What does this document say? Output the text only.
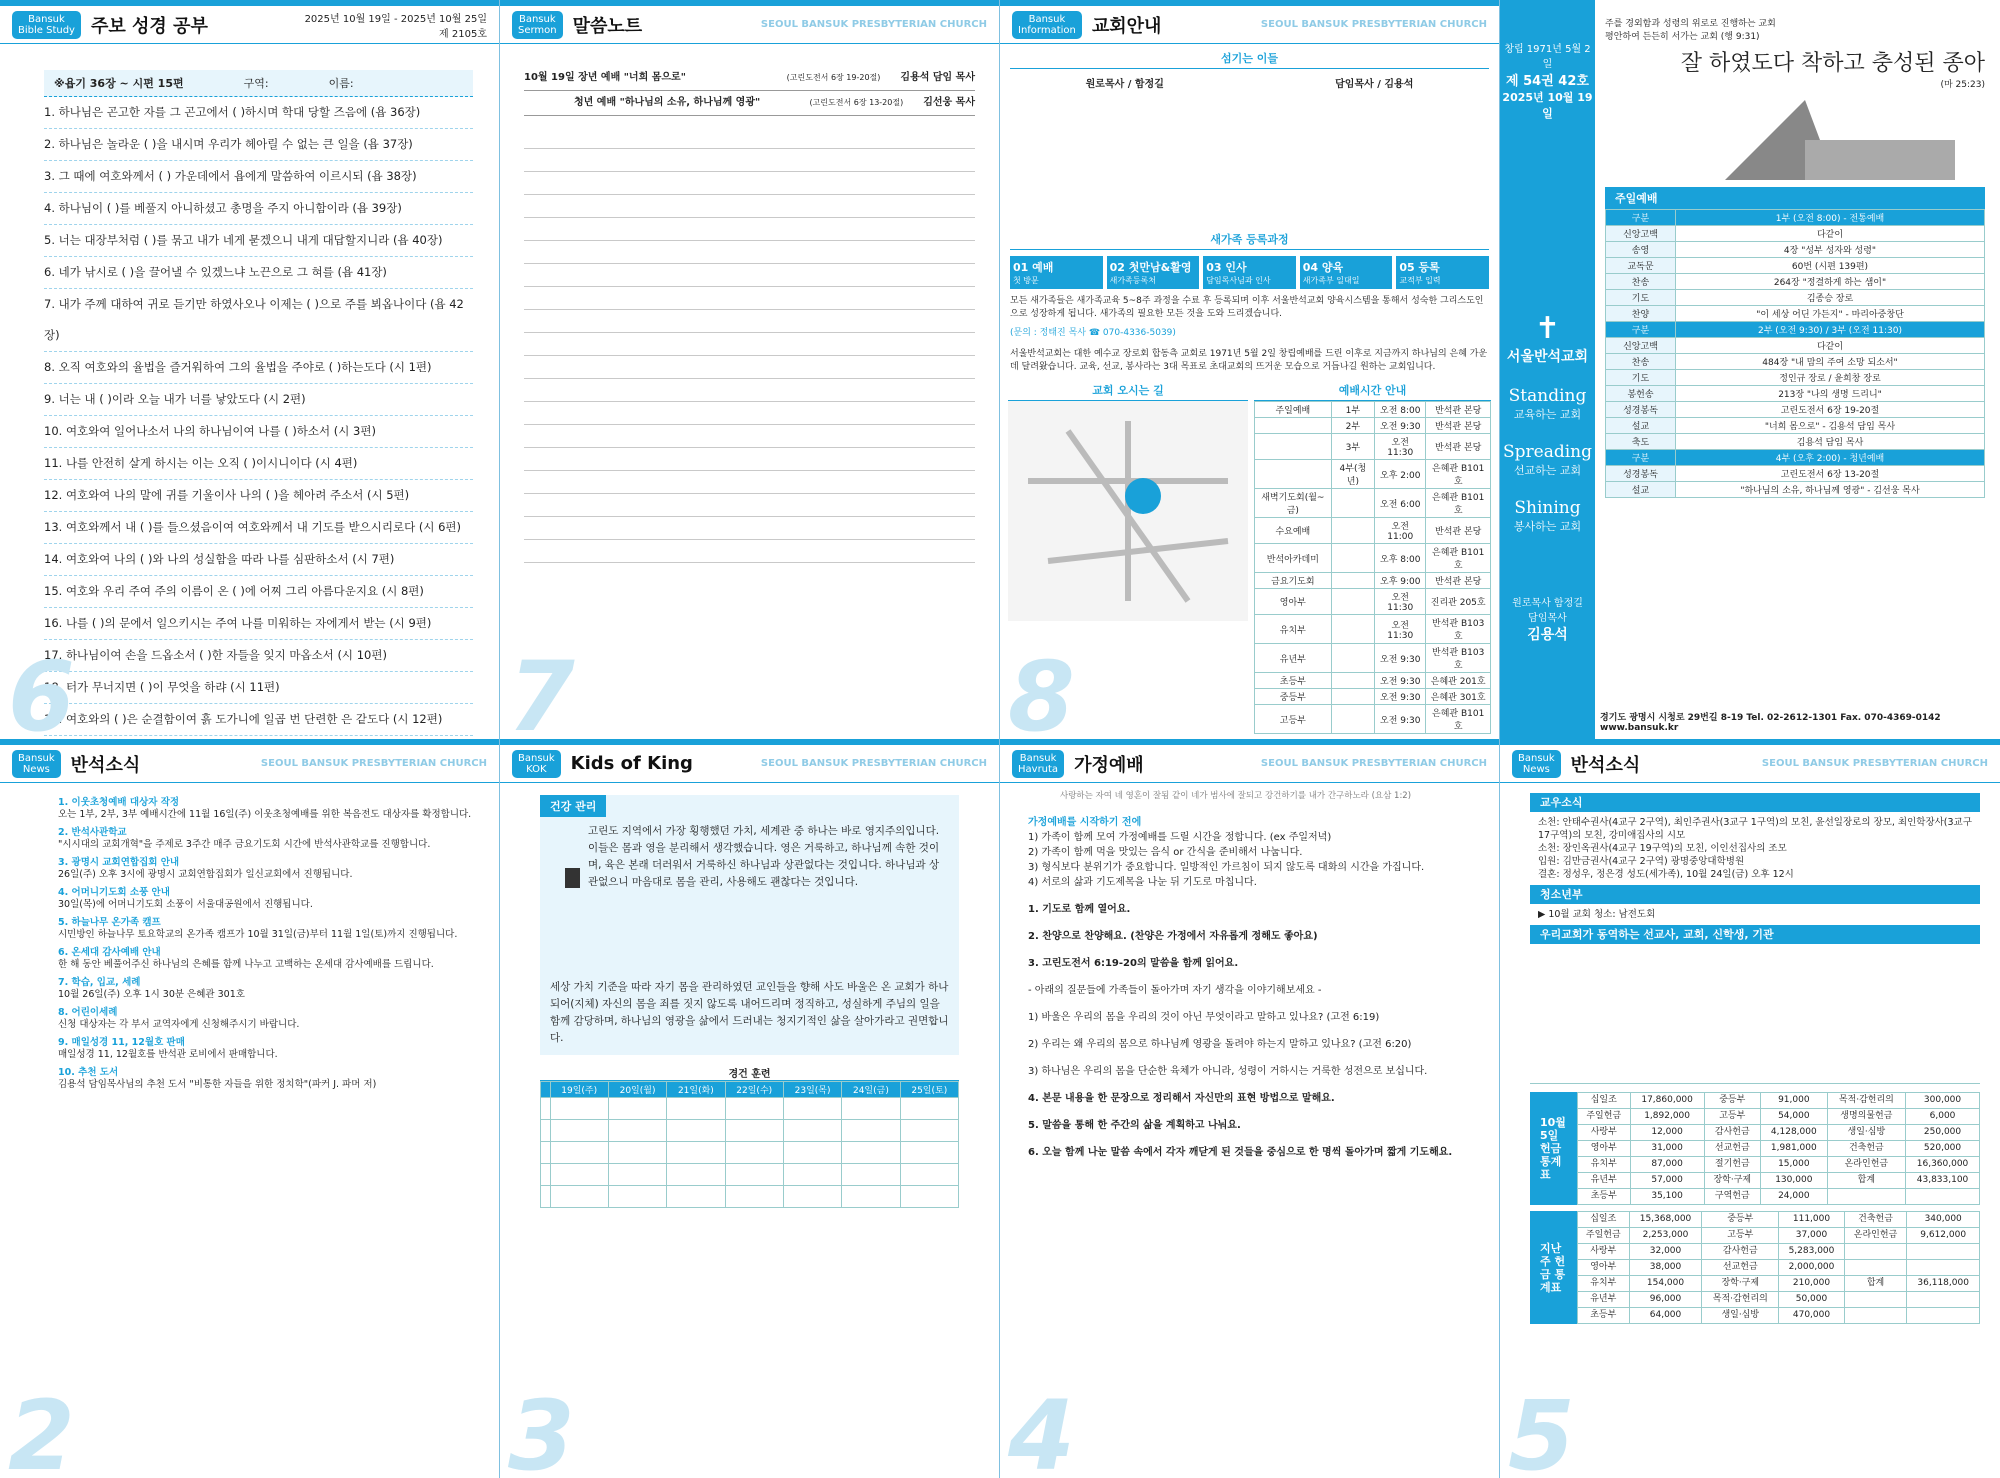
Bansuk
Bible Study 주보 성경 공부	2025년 10월 19일 - 2025년 10월 25일
제 2105호
※욥기 36장 ~ 시편 15편	구역:	이름:
1. 하나님은 곤고한 자를 그 곤고에서 ( )하시며 학대 당할 즈음에 (욥 36장)
2. 하나님은 놀라운 ( )을 내시며 우리가 헤아릴 수 없는 큰 일을 (욥 37장)
3. 그 때에 여호와께서 ( ) 가운데에서 욥에게 말씀하여 이르시되 (욥 38장)
4. 하나님이 ( )를 베풀지 아니하셨고 총명을 주지 아니함이라 (욥 39장)
5. 너는 대장부처럼 ( )를 묶고 내가 네게 묻겠으니 내게 대답할지니라 (욥 40장)
6. 네가 낚시로 ( )을 끌어낼 수 있겠느냐 노끈으로 그 혀를 (욥 41장)
7. 내가 주께 대하여 귀로 듣기만 하였사오나 이제는 ( )으로 주를 뵈옵나이다 (욥 42장)
8. 오직 여호와의 율법을 즐거워하여 그의 율법을 주야로 ( )하는도다 (시 1편)
9. 너는 내 ( )이라 오늘 내가 너를 낳았도다 (시 2편)
10. 여호와여 일어나소서 나의 하나님이여 나를 ( )하소서 (시 3편)
11. 나를 안전히 살게 하시는 이는 오직 ( )이시니이다 (시 4편)
12. 여호와여 나의 말에 귀를 기울이사 나의 ( )을 헤아려 주소서 (시 5편)
13. 여호와께서 내 ( )를 들으셨음이여 여호와께서 내 기도를 받으시리로다 (시 6편)
14. 여호와여 나의 ( )와 나의 성실함을 따라 나를 심판하소서 (시 7편)
15. 여호와 우리 주여 주의 이름이 온 ( )에 어찌 그리 아름다운지요 (시 8편)
16. 나를 ( )의 문에서 일으키시는 주여 나를 미워하는 자에게서 받는 (시 9편)
17. 하나님이여 손을 드옵소서 ( )한 자들을 잊지 마옵소서 (시 10편)
18. 터가 무너지면 ( )이 무엇을 하랴 (시 11편)
19. 여호와의 ( )은 순결함이여 흙 도가니에 일곱 번 단련한 은 같도다 (시 12편)
6
Bansuk
Sermon 말씀노트	SEOUL BANSUK PRESBYTERIAN CHURCH
10월 19일 장년 예배 "너희 몸으로"	(고린도전서 6장 19-20절) 김용석 담임 목사
청년 예배 "하나님의 소유, 하나님께 영광"	(고린도전서 6장 13-20절) 김선웅 목사
7
Bansuk
Information 교회안내	SEOUL BANSUK PRESBYTERIAN CHURCH
섬기는 이들
원로목사 / 함정길	담임목사 / 김용석
새가족 등록과정
01 예배
첫 방문
02 첫만남&활영
새가족등록처
03 인사
담임목사님과 인사
04 양육
새가족부 일대일
05 등록
교적부 입력
모든 새가족들은 새가족교육 5~8주 과정을 수료 후 등록되며 이후 서울반석교회 양육시스템을 통해서 성숙한 그리스도인으로 성장하게 됩니다. 새가족의 필요한 모든 것을 도와 드리겠습니다.
(문의 : 정태진 목사 ☎ 070-4336-5039)
서울반석교회는 대한 예수교 장로회 합동측 교회로 1971년 5월 2일 창립예배를 드린 이후로 지금까지 하나님의 은혜 가운데 달려왔습니다. 교육, 선교, 봉사라는 3대 목표로 초대교회의 뜨거운 모습으로 거듭나길 원하는 교회입니다.
교회 오시는 길	예배시간 안내
주일예배	1부	오전 8:00	반석관 본당
	2부	오전 9:30	반석관 본당
	3부	오전 11:30	반석관 본당
	4부(청년)	오후 2:00	은혜관 B101호
새벽기도회(월~금)		오전 6:00	은혜관 B101호
수요예배		오전 11:00	반석관 본당
반석아카데미		오후 8:00	은혜관 B101호
금요기도회		오후 9:00	반석관 본당
영아부		오전 11:30	진리관 205호
유치부		오전 11:30	반석관 B103호
유년부		오전 9:30	반석관 B103호
초등부		오전 9:30	은혜관 201호
중등부		오전 9:30	은혜관 301호
고등부		오전 9:30	은혜관 B101호
8
창립 1971년 5월 2일
제 54권 42호
2025년 10월 19일
✝
서울반석교회
Standing
교육하는 교회
Spreading
선교하는 교회
Shining
봉사하는 교회
원로목사 함정길
담임목사
김용석
주를 경외함과 성령의 위로로 진행하는 교회
평안하여 든든히 서가는 교회 (행 9:31)
잘 하였도다 착하고 충성된 종아
(마 25:23)
주일예배
구분	1부 (오전 8:00) - 전통예배
신앙고백	다같이
송영	4장 "성부 성자와 성령"
교독문	60번 (시편 139편)
찬송	264장 "정결하게 하는 샘이"
기도	김종승 장로
찬양	"이 세상 어딘 가든지" - 마리아중창단
구분	2부 (오전 9:30) / 3부 (오전 11:30)
신앙고백	다같이
찬송	484장 "내 맘의 주여 소망 되소서"
기도	정인규 장로 / 윤희창 장로
봉헌송	213장 "나의 생명 드리니"
성경봉독	고린도전서 6장 19-20절
설교	"너희 몸으로" - 김용석 담임 목사
축도	김용석 담임 목사
구분	4부 (오후 2:00) - 청년예배
성경봉독	고린도전서 6장 13-20절
설교	"하나님의 소유, 하나님께 영광" - 김선웅 목사
경기도 광명시 시청로 29번길 8-19 Tel. 02-2612-1301 Fax. 070-4369-0142 www.bansuk.kr
Bansuk
News	반석소식	SEOUL BANSUK PRESBYTERIAN CHURCH
1. 이웃초청예배 대상자 작정
오는 1부, 2부, 3부 예배시간에 11월 16일(주) 이웃초청예배를 위한 복음전도 대상자를 확정합니다.
2. 반석사관학교
"시시대의 교회개혁"을 주제로 3주간 매주 금요기도회 시간에 반석사관학교를 진행합니다.
3. 광명시 교회연합집회 안내
26일(주) 오후 3시에 광명시 교회연합집회가 일신교회에서 진행됩니다.
4. 어머니기도회 소풍 안내
30일(목)에 어머니기도회 소풍이 서울대공원에서 진행됩니다.
5. 하늘나무 온가족 캠프
시민방인 하늘나무 토요학교의 온가족 캠프가 10월 31일(금)부터 11월 1일(토)까지 진행됩니다.
6. 온세대 감사예배 안내
한 해 동안 베풀어주신 하나님의 은혜를 함께 나누고 고백하는 온세대 감사예배를 드립니다.
7. 학습, 입교, 세례
10월 26일(주) 오후 1시 30분 은혜관 301호
8. 어린이세례
신청 대상자는 각 부서 교역자에게 신청해주시기 바랍니다.
9. 매일성경 11, 12월호 판매
매일성경 11, 12월호를 반석관 로비에서 판매합니다.
10. 추천 도서
김용석 담임목사님의 추천 도서 "비통한 자들을 위한 정치학"(파커 J. 파머 저)
2
Bansuk
KOK	Kids of King	SEOUL BANSUK PRESBYTERIAN CHURCH
건강 관리
고린도 지역에서 가장 횡행했던 가치, 세계관 중 하나는 바로 영지주의입니다. 이들은 몸과 영을 분리해서 생각했습니다. 영은 거룩하고, 하나님께 속한 것이며, 육은 본래 더러워서 거룩하신 하나님과 상관없다는 것입니다. 하나님과 상관없으니 마음대로 몸을 관리, 사용해도 괜찮다는 것입니다.
세상 가치 기준을 따라 자기 몸을 관리하였던 교인들을 향해 사도 바울은 온 교회가 하나되어(지체) 자신의 몸을 죄를 짓지 않도록 내어드리며 정직하고, 성실하게 주님의 일을 함께 감당하며, 하나님의 영광을 삶에서 드러내는 청지기적인 삶을 살아가라고 권면합니다.
경건 훈련
	19일(주)	20일(월)	21일(화)	22일(수)	23일(목)	24일(금)	25일(토)

3
Bansuk
Havruta 가정예배	SEOUL BANSUK PRESBYTERIAN CHURCH
사랑하는 자여 네 영혼이 잘됨 같이 네가 범사에 잘되고 강건하기를 내가 간구하노라 (요삼 1:2)
가정예배를 시작하기 전에
1) 가족이 함께 모여 가정예배를 드릴 시간을 정합니다. (ex 주일저녁)
2) 가족이 함께 먹을 맛있는 음식 or 간식을 준비해서 나눕니다.
3) 형식보다 분위기가 중요합니다. 일방적인 가르침이 되지 않도록 대화의 시간을 가집니다.
4) 서로의 삶과 기도제목을 나눈 뒤 기도로 마칩니다.
1. 기도로 함께 열어요.
2. 찬양으로 찬양해요. (찬양은 가정에서 자유롭게 정해도 좋아요)
3. 고린도전서 6:19-20의 말씀을 함께 읽어요.
- 아래의 질문들에 가족들이 돌아가며 자기 생각을 이야기해보세요 -
1) 바울은 우리의 몸을 우리의 것이 아닌 무엇이라고 말하고 있나요? (고전 6:19)
2) 우리는 왜 우리의 몸으로 하나님께 영광을 돌려야 하는지 말하고 있나요? (고전 6:20)
3) 하나님은 우리의 몸을 단순한 육체가 아니라, 성령이 거하시는 거룩한 성전으로 보십니다.
4. 본문 내용을 한 문장으로 정리해서 자신만의 표현 방법으로 말해요.
5. 말씀을 통해 한 주간의 삶을 계획하고 나눠요.
6. 오늘 함께 나눈 말씀 속에서 각자 깨닫게 된 것들을 중심으로 한 명씩 돌아가며 짧게 기도해요.
4
Bansuk
News	반석소식	SEOUL BANSUK PRESBYTERIAN CHURCH
교우소식
소천: 안태수권사(4교구 2구역), 최인주권사(3교구 1구역)의 모친, 윤선일장로의 장모, 최인학장사(3교구 17구역)의 모친, 강미애집사의 시모
소천: 장인옥권사(4교구 19구역)의 모친, 이인선집사의 조모
입원: 김만금권사(4교구 2구역) 광명중앙대학병원
결혼: 정성우, 정은경 성도(세가족), 10월 24일(금) 오후 12시
청소년부
▶ 10월 교회 청소: 남전도회
우리교회가 동역하는 선교사, 교회, 신학생, 기관
10월 5일 헌금 통계표
십일조	17,860,000	중등부	91,000	목적·감헌리의	300,000
주일헌금	1,892,000	고등부	54,000	생명의물헌금	6,000
사랑부	12,000	감사헌금	4,128,000	생일·심방	250,000
영아부	31,000	선교헌금	1,981,000	건축헌금	520,000
유치부	87,000	절기헌금	15,000	온라인헌금	16,360,000
유년부	57,000	장학·구제	130,000	합계	43,833,100
초등부	35,100	구역헌금	24,000		
지난주 헌금 통계표
십일조	15,368,000	중등부	111,000	건축헌금	340,000
주일헌금	2,253,000	고등부	37,000	온라인헌금	9,612,000
사랑부	32,000	감사헌금	5,283,000		
영아부	38,000	선교헌금	2,000,000		
유치부	154,000	장학·구제	210,000	합계	36,118,000
유년부	96,000	목적·감헌리의	50,000		
초등부	64,000	생일·심방	470,000		
5
